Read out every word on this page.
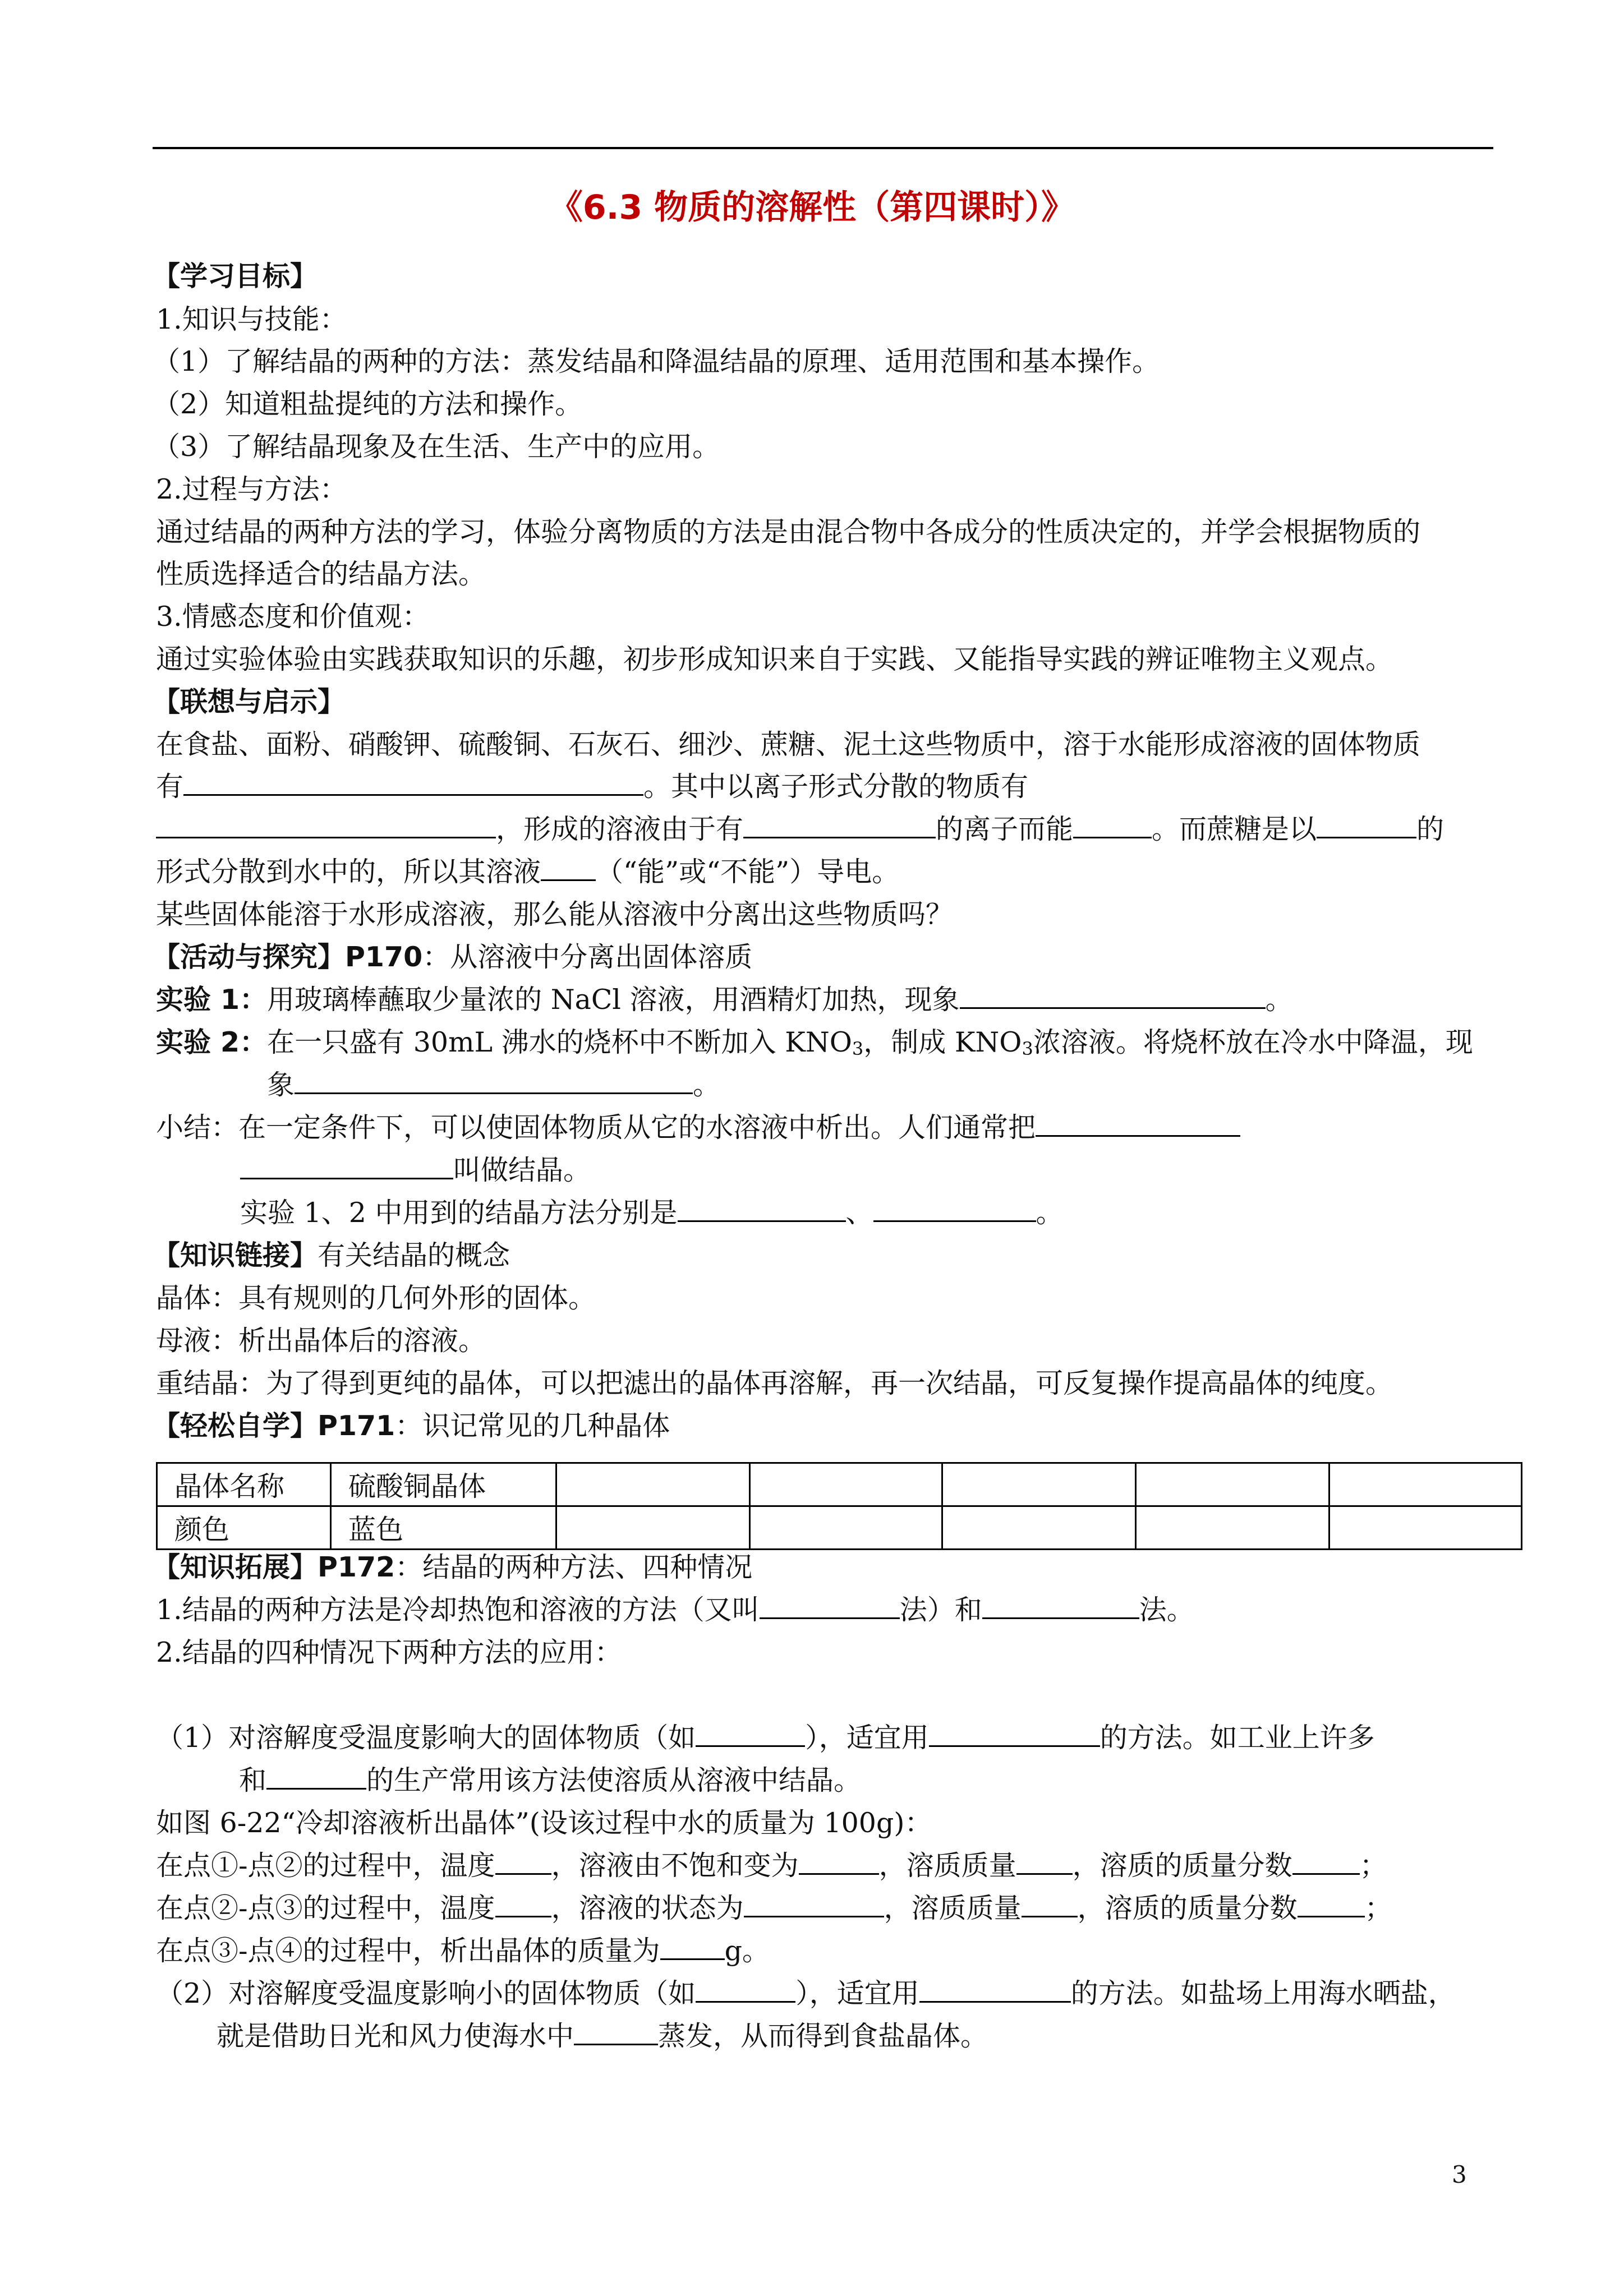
《6.3 物质的溶解性（第四课时）》
【学习目标】
1.知识与技能：
（1）了解结晶的两种的方法：蒸发结晶和降温结晶的原理、适用范围和基本操作。
（2）知道粗盐提纯的方法和操作。
（3）了解结晶现象及在生活、生产中的应用。
2.过程与方法：
通过结晶的两种方法的学习，体验分离物质的方法是由混合物中各成分的性质决定的，并学会根据物质的
性质选择适合的结晶方法。
3.情感态度和价值观：
通过实验体验由实践获取知识的乐趣，初步形成知识来自于实践、又能指导实践的辨证唯物主义观点。
【联想与启示】
在食盐、面粉、硝酸钾、硫酸铜、石灰石、细沙、蔗糖、泥土这些物质中，溶于水能形成溶液的固体物质
有	。其中以离子形式分散的物质有
，形成的溶液由于有	的离子而能	。而蔗糖是以	的
形式分散到水中的，所以其溶液 （“能”或“不能”）导电。
某些固体能溶于水形成溶液，那么能从溶液中分离出这些物质吗？
【活动与探究】P170：从溶液中分离出固体溶质
实验 1：用玻璃棒蘸取少量浓的 NaCl 溶液，用酒精灯加热，现象	。
实验 2：在一只盛有 30mL 沸水的烧杯中不断加入 $KNO_3$，制成 $KNO_3$浓溶液。将烧杯放在冷水中降温，现
象	。
小结：在一定条件下，可以使固体物质从它的水溶液中析出。人们通常把
叫做结晶。
实验 1、2 中用到的结晶方法分别是	、	。
【知识链接】有关结晶的概念
晶体：具有规则的几何外形的固体。
母液：析出晶体后的溶液。
重结晶：为了得到更纯的晶体，可以把滤出的晶体再溶解，再一次结晶，可反复操作提高晶体的纯度。
【轻松自学】P171：识记常见的几种晶体
晶体名称	硫酸铜晶体					
颜色	蓝色					
【知识拓展】P172：结晶的两种方法、四种情况
1.结晶的两种方法是冷却热饱和溶液的方法（又叫	法）和	法。
2.结晶的四种情况下两种方法的应用：
（1）对溶解度受温度影响大的固体物质（如	），适宜用	的方法。如工业上许多
和	的生产常用该方法使溶质从溶液中结晶。
如图 6-22“冷却溶液析出晶体”(设该过程中水的质量为 100g)：
在点①-点②的过程中，温度 ，溶液由不饱和变为	，溶质质量 ，溶质的质量分数 ；
在点②-点③的过程中，温度 ，溶液的状态为	，溶质质量 ，溶质的质量分数 ；
在点③-点④的过程中，析出晶体的质量为 g。
（2）对溶解度受温度影响小的固体物质（如	），适宜用	的方法。如盐场上用海水晒盐，
就是借助日光和风力使海水中	蒸发，从而得到食盐晶体。
3
